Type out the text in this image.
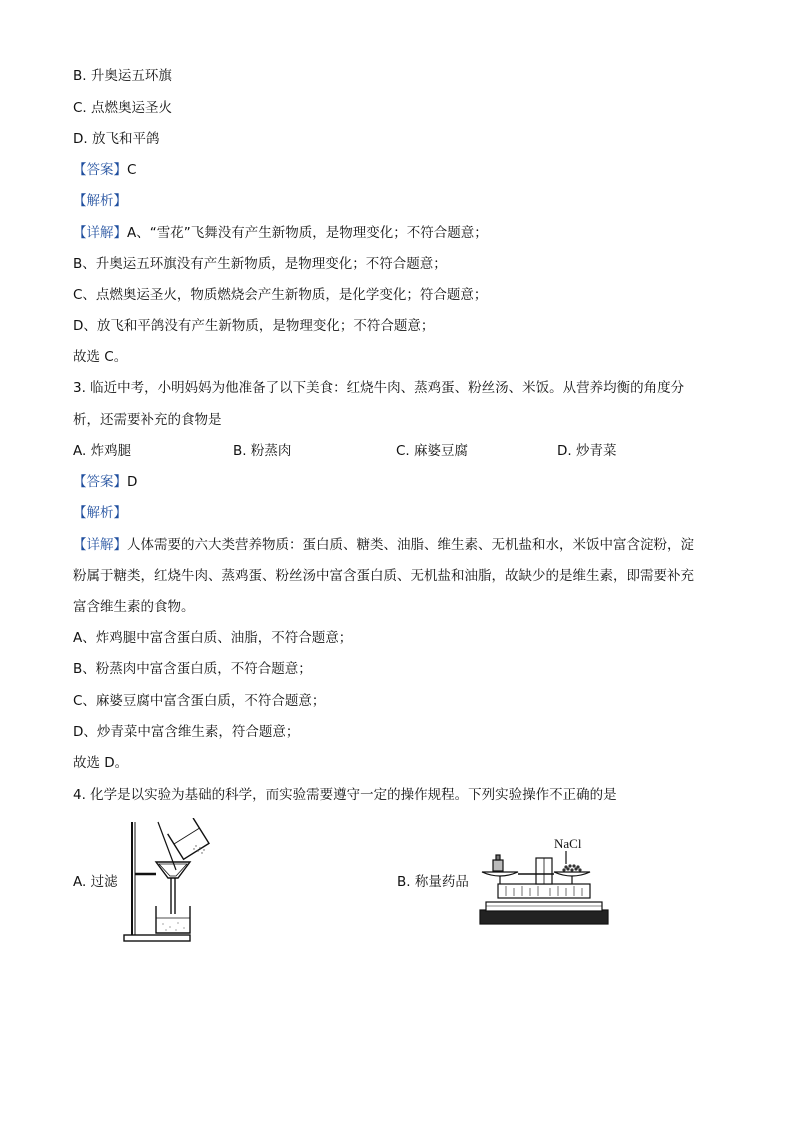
B. 升奥运五环旗
C. 点燃奥运圣火
D. 放飞和平鸽
【答案】C
【解析】
【详解】A、“雪花”飞舞没有产生新物质，是物理变化；不符合题意；
B、升奥运五环旗没有产生新物质，是物理变化；不符合题意；
C、点燃奥运圣火，物质燃烧会产生新物质，是化学变化；符合题意；
D、放飞和平鸽没有产生新物质，是物理变化；不符合题意；
故选 C。
3. 临近中考，小明妈妈为他准备了以下美食：红烧牛肉、蒸鸡蛋、粉丝汤、米饭。从营养均衡的角度分
析，还需要补充的食物是
A. 炸鸡腿	B. 粉蒸肉	C. 麻婆豆腐	D. 炒青菜
【答案】D
【解析】
【详解】人体需要的六大类营养物质：蛋白质、糖类、油脂、维生素、无机盐和水，米饭中富含淀粉，淀
粉属于糖类，红烧牛肉、蒸鸡蛋、粉丝汤中富含蛋白质、无机盐和油脂，故缺少的是维生素，即需要补充
富含维生素的食物。
A、炸鸡腿中富含蛋白质、油脂，不符合题意；
B、粉蒸肉中富含蛋白质，不符合题意；
C、麻婆豆腐中富含蛋白质，不符合题意；
D、炒青菜中富含维生素，符合题意；
故选 D。
4. 化学是以实验为基础的科学，而实验需要遵守一定的操作规程。下列实验操作不正确的是
A. 过滤	B. 称量药品
NaCl
